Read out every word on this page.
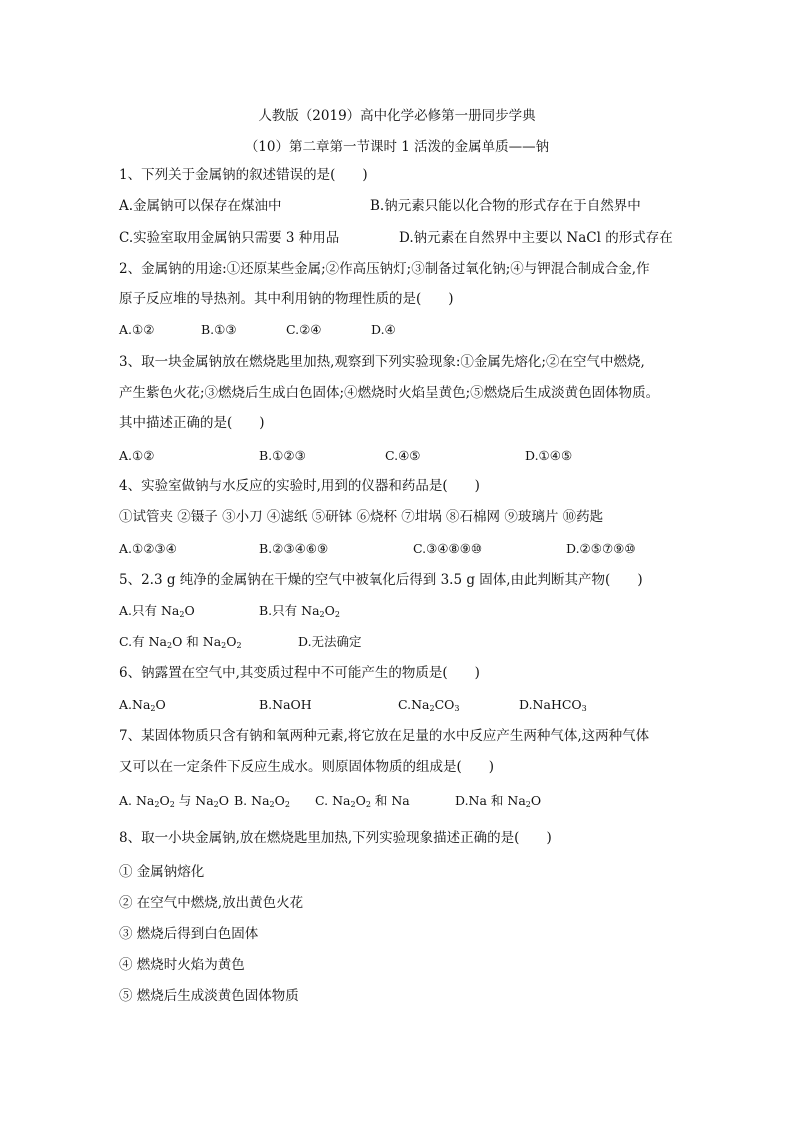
人教版（2019）高中化学必修第一册同步学典
（10）第二章第一节课时 1 活泼的金属单质——钠
1、下列关于金属钠的叙述错误的是(　　)
A.金属钠可以保存在煤油中	B.钠元素只能以化合物的形式存在于自然界中
C.实验室取用金属钠只需要 3 种用品	D.钠元素在自然界中主要以 NaCl 的形式存在
2、金属钠的用途:①还原某些金属;②作高压钠灯;③制备过氧化钠;④与钾混合制成合金,作
原子反应堆的导热剂。其中利用钠的物理性质的是(　　)
A.①②	B.①③	C.②④	D.④
3、取一块金属钠放在燃烧匙里加热,观察到下列实验现象:①金属先熔化;②在空气中燃烧,
产生紫色火花;③燃烧后生成白色固体;④燃烧时火焰呈黄色;⑤燃烧后生成淡黄色固体物质。
其中描述正确的是(　　)
A.①②	B.①②③	C.④⑤	D.①④⑤
4、实验室做钠与水反应的实验时,用到的仪器和药品是(　　)
①试管夹 ②镊子 ③小刀 ④滤纸 ⑤研钵 ⑥烧杯 ⑦坩埚 ⑧石棉网 ⑨玻璃片 ⑩药匙
A.①②③④	B.②③④⑥⑨	C.③④⑧⑨⑩	D.②⑤⑦⑨⑩
5、2.3 g 纯净的金属钠在干燥的空气中被氧化后得到 3.5 g 固体,由此判断其产物(　　)
A.只有 $Na_2O$	B.只有 $Na_2O_2$
C.有 $Na_2O$ 和 $Na_2O_2$	D.无法确定
6、钠露置在空气中,其变质过程中不可能产生的物质是(　　)
$A.Na_2O$	B.NaOH	$C.Na_2CO_3$	D.NaHCO$_3$
7、某固体物质只含有钠和氧两种元素,将它放在足量的水中反应产生两种气体,这两种气体
又可以在一定条件下反应生成水。则原固体物质的组成是(　　)
A. $Na_2O_2$ 与 $Na_2O$ B. $Na_2O_2$ C. $Na_2O_2$ 和 Na	D.Na 和 $Na_2O$
8、取一小块金属钠,放在燃烧匙里加热,下列实验现象描述正确的是(　　)
① 金属钠熔化
② 在空气中燃烧,放出黄色火花
③ 燃烧后得到白色固体
④ 燃烧时火焰为黄色
⑤ 燃烧后生成淡黄色固体物质
